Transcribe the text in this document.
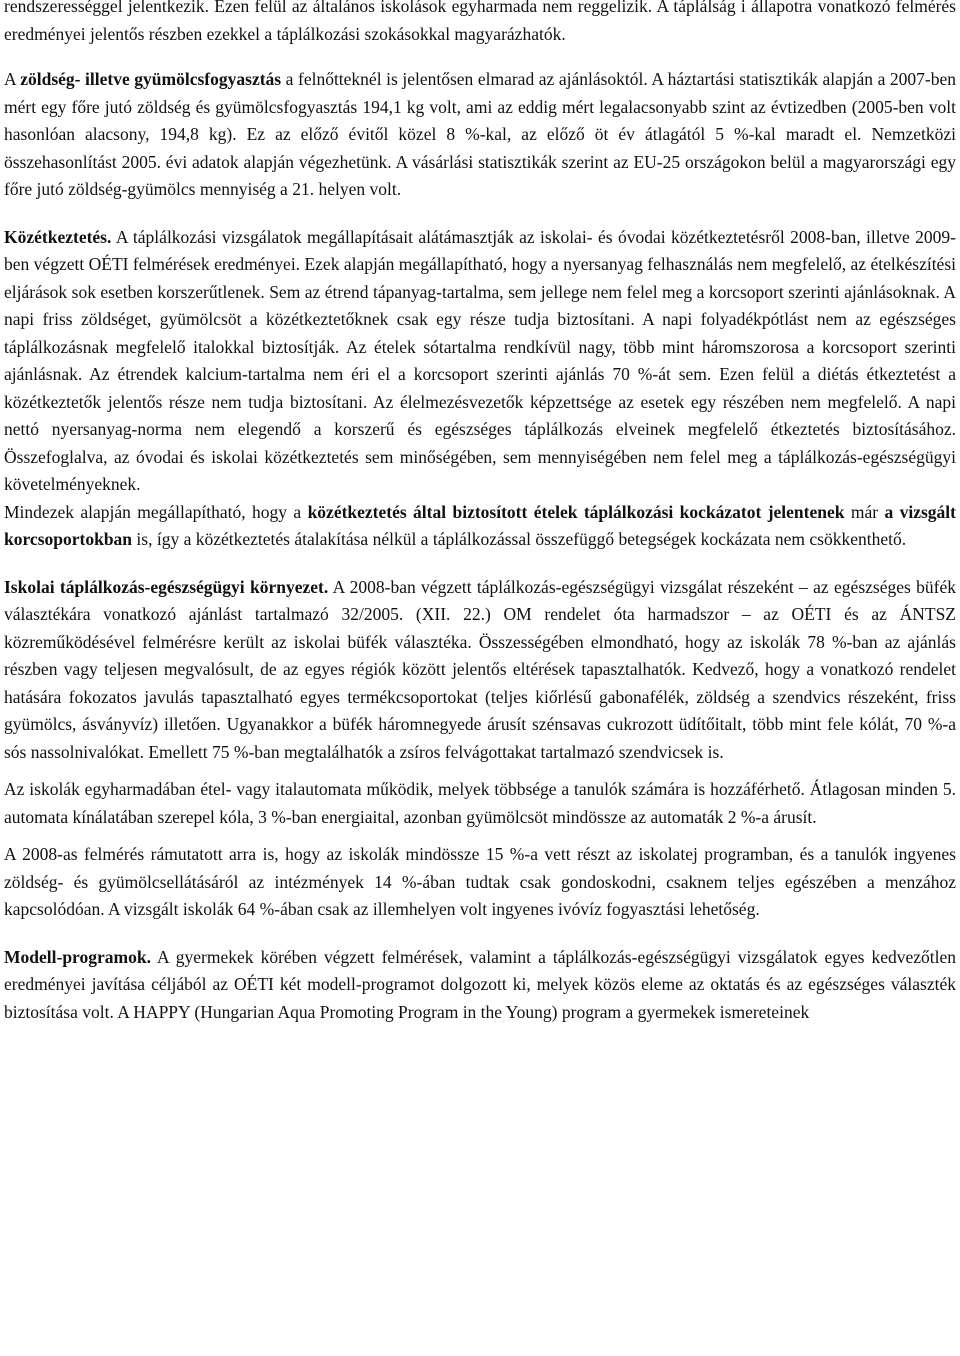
rendszerességgel jelentkezik. Ezen felül az általános iskolások egyharmada nem reggelizik. A táplálság i állapotra vonatkozó felmérés eredményei jelentős részben ezekkel a táplálkozási szokásokkal magyarázhatók.

A zöldség- illetve gyümölcsfogyasztás a felnőtteknél is jelentősen elmarad az ajánlásoktól. A háztartási statisztikák alapján a 2007-ben mért egy főre jutó zöldség és gyümölcsfogyasztás 194,1 kg volt, ami az eddig mért legalacsonyabb szint az évtizedben (2005-ben volt hasonlóan alacsony, 194,8 kg). Ez az előző évitől közel 8 %-kal, az előző öt év átlagától 5 %-kal maradt el. Nemzetközi összehasonlítást 2005. évi adatok alapján végezhetünk. A vásárlási statisztikák szerint az EU-25 országokon belül a magyarországi egy főre jutó zöldség-gyümölcs mennyiség a 21. helyen volt.

Közétkeztetés. A táplálkozási vizsgálatok megállapításait alátámasztják az iskolai- és óvodai közétkeztetésről 2008-ban, illetve 2009-ben végzett OÉTI felmérések eredményei. Ezek alapján megállapítható, hogy a nyersanyag felhasználás nem megfelelő, az ételkészítési eljárások sok esetben korszerűtlenek. Sem az étrend tápanyag-tartalma, sem jellege nem felel meg a korcsoport szerinti ajánlásoknak. A napi friss zöldséget, gyümölcsöt a közétkeztetőknek csak egy része tudja biztosítani. A napi folyadékpótlást nem az egészséges táplálkozásnak megfelelő italokkal biztosítják. Az ételek sótartalma rendkívül nagy, több mint háromszorosa a korcsoport szerinti ajánlásnak. Az étrendek kalcium-tartalma nem éri el a korcsoport szerinti ajánlás 70 %-át sem. Ezen felül a diétás étkeztetést a közétkeztetők jelentős része nem tudja biztosítani. Az élelmezésvezetők képzettsége az esetek egy részében nem megfelelő. A napi nettó nyersanyag-norma nem elegendő a korszerű és egészséges táplálkozás elveinek megfelelő étkeztetés biztosításához. Összefoglalva, az óvodai és iskolai közétkeztetés sem minőségében, sem mennyiségében nem felel meg a táplálkozás-egészségügyi követelményeknek.

Mindezek alapján megállapítható, hogy a közétkeztetés által biztosított ételek táplálkozási kockázatot jelentenek már a vizsgált korcsoportokban is, így a közétkeztetés átalakítása nélkül a táplálkozással összefüggő betegségek kockázata nem csökkenthető.

Iskolai táplálkozás-egészségügyi környezet. A 2008-ban végzett táplálkozás-egészségügyi vizsgálat részeként – az egészséges büfék választékára vonatkozó ajánlást tartalmazó 32/2005. (XII. 22.) OM rendelet óta harmadszor – az OÉTI és az ÁNTSZ közreműködésével felmérésre került az iskolai büfék választéka. Összességében elmondható, hogy az iskolák 78 %-ban az ajánlás részben vagy teljesen megvalósult, de az egyes régiók között jelentős eltérések tapasztalhatók. Kedvező, hogy a vonatkozó rendelet hatására fokozatos javulás tapasztalható egyes termékcsoportokat (teljes kiőrlésű gabonafélék, zöldség a szendvics részeként, friss gyümölcs, ásványvíz) illetően. Ugyanakkor a büfék háromnegyede árusít szénsavas cukrozott üdítőitalt, több mint fele kólát, 70 %-a sós nassolnivalókat. Emellett 75 %-ban megtalálhatók a zsíros felvágottakat tartalmazó szendvicsek is.

Az iskolák egyharmadában étel- vagy italautomata működik, melyek többsége a tanulók számára is hozzáférhető. Átlagosan minden 5. automata kínálatában szerepel kóla, 3 %-ban energiaital, azonban gyümölcsöt mindössze az automaták 2 %-a árusít.

A 2008-as felmérés rámutatott arra is, hogy az iskolák mindössze 15 %-a vett részt az iskolatej programban, és a tanulók ingyenes zöldség- és gyümölcsellátásáról az intézmények 14 %-ában tudtak csak gondoskodni, csaknem teljes egészében a menzához kapcsolódóan. A vizsgált iskolák 64 %-ában csak az illemhelyen volt ingyenes ivóvíz fogyasztási lehetőség.

Modell-programok. A gyermekek körében végzett felmérések, valamint a táplálkozás-egészségügyi vizsgálatok egyes kedvezőtlen eredményei javítása céljából az OÉTI két modell-programot dolgozott ki, melyek közös eleme az oktatás és az egészséges választék biztosítása volt. A HAPPY (Hungarian Aqua Promoting Program in the Young) program a gyermekek ismereteinek
